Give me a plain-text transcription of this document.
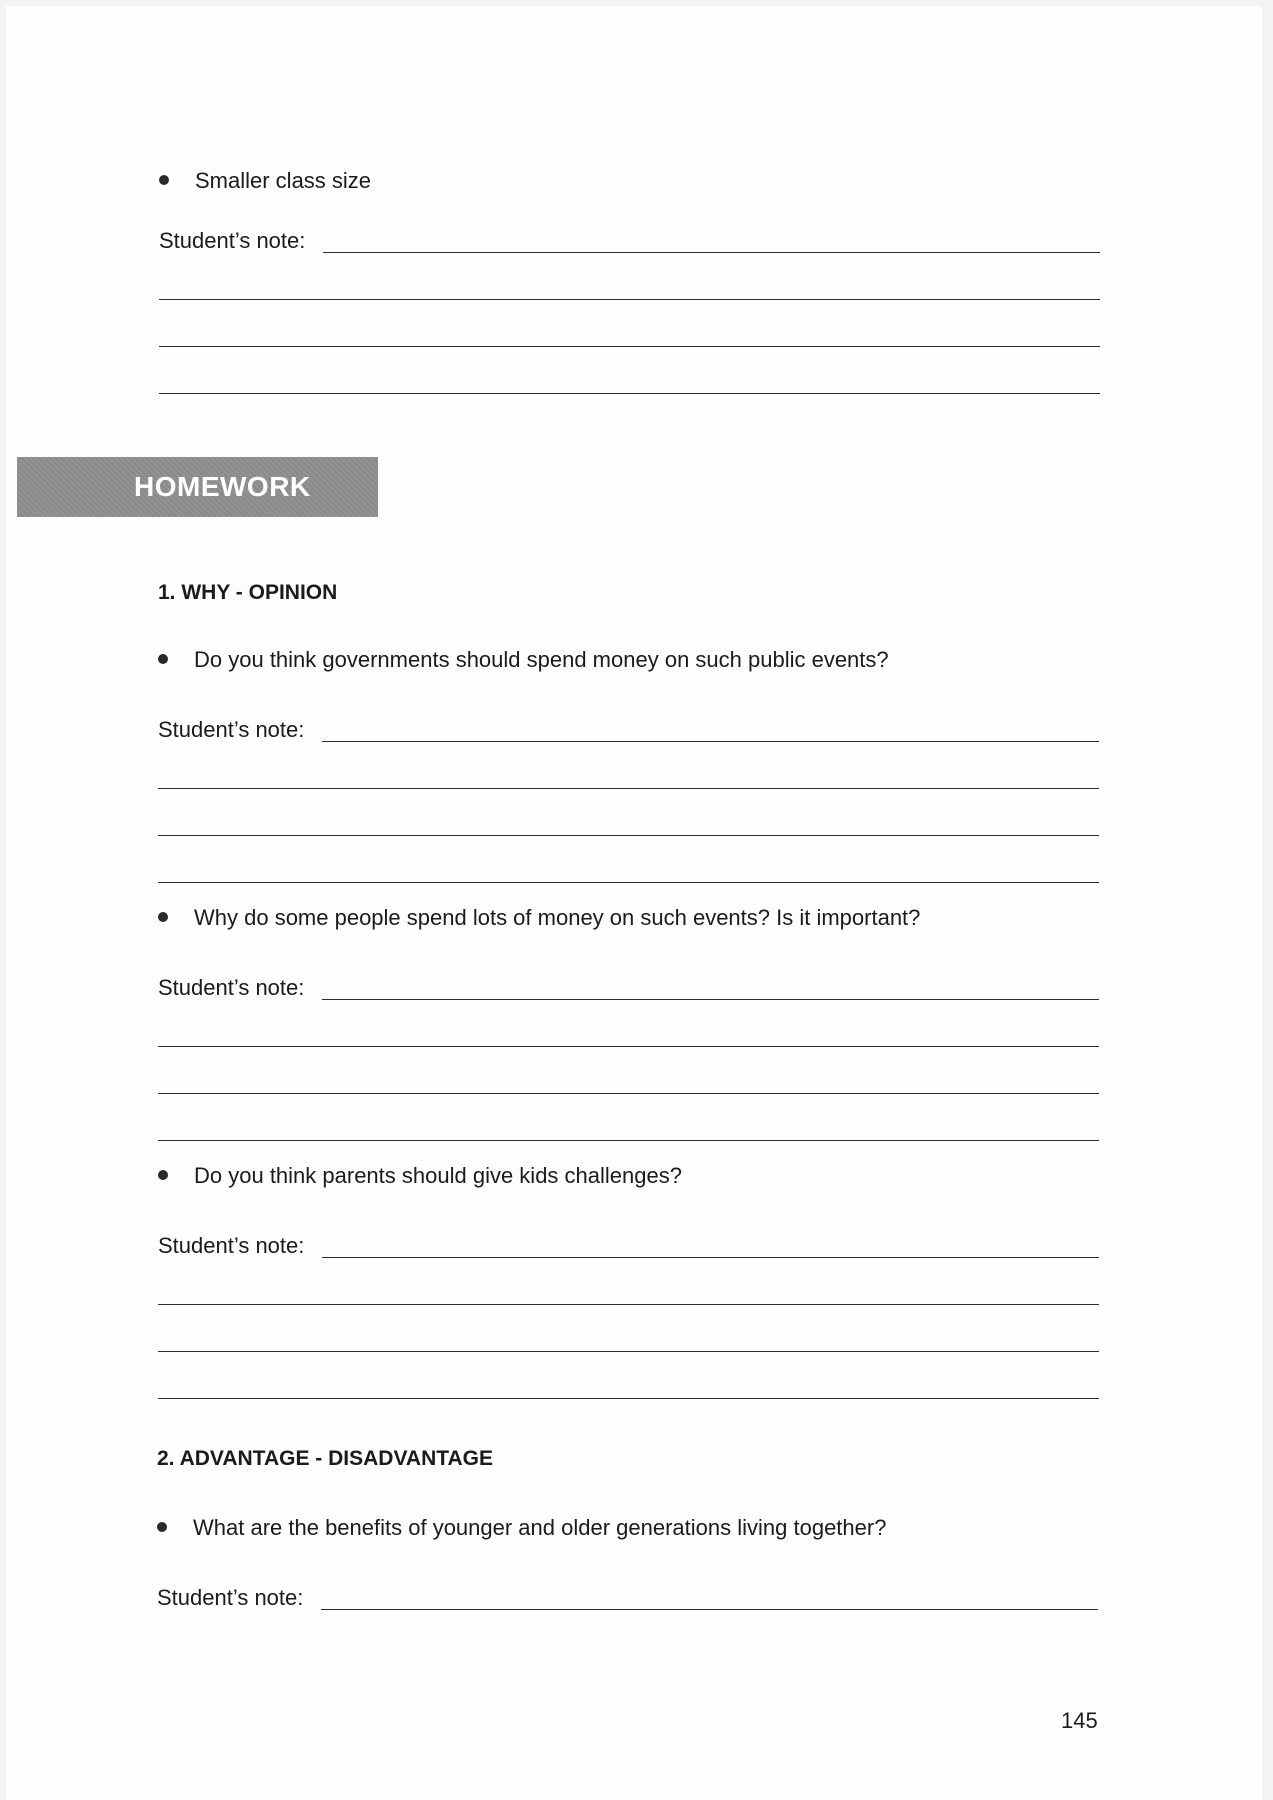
Smaller class size
Student’s note:
HOMEWORK
1. WHY - OPINION
Do you think governments should spend money on such public events?
Student’s note:
Why do some people spend lots of money on such events? Is it important?
Student’s note:
Do you think parents should give kids challenges?
Student’s note:
2. ADVANTAGE - DISADVANTAGE
What are the benefits of younger and older generations living together?
Student’s note:
145
